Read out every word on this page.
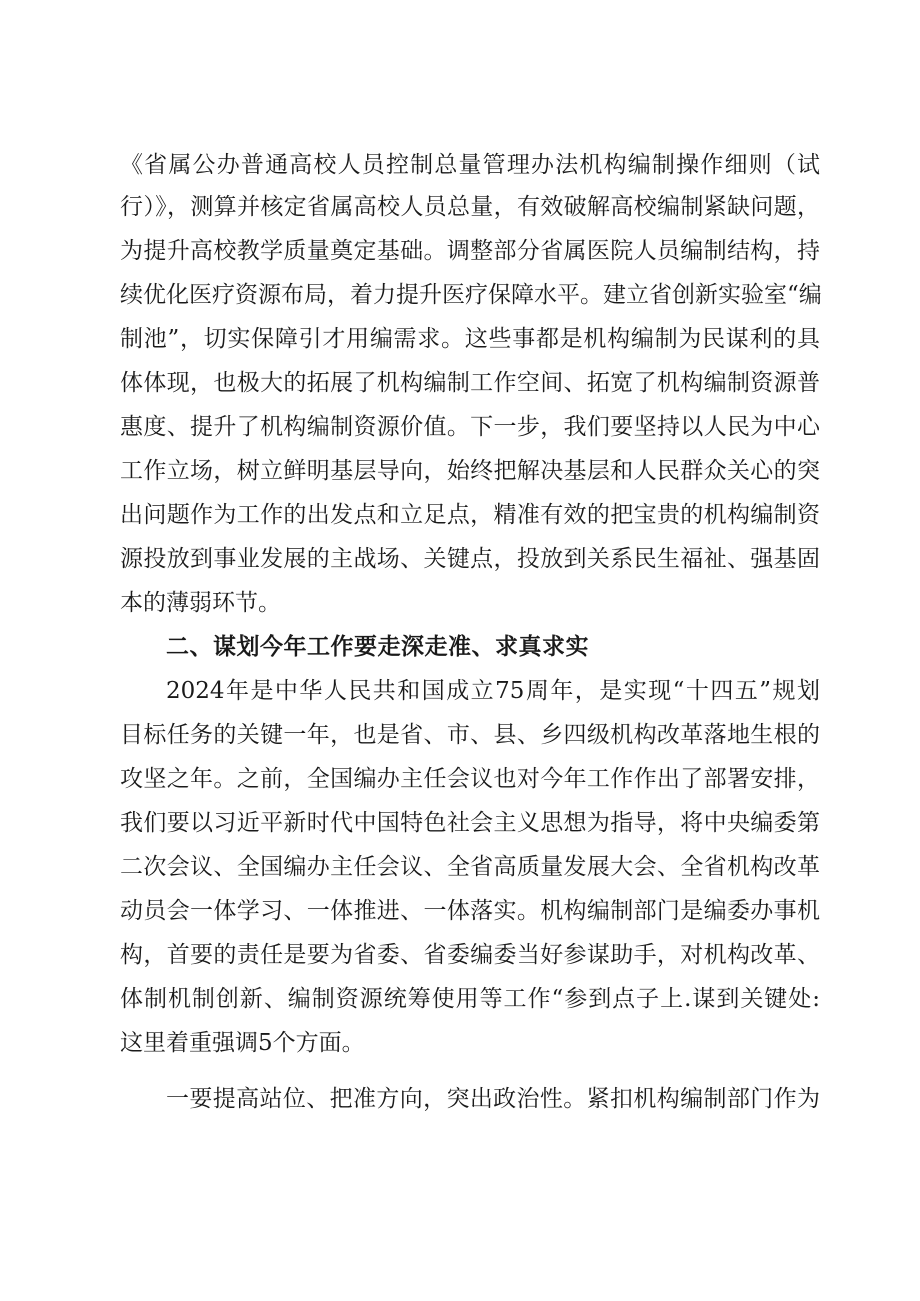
《省属公办普通高校人员控制总量管理办法机构编制操作细则（试
行）》，测算并核定省属高校人员总量，有效破解高校编制紧缺问题，
为提升高校教学质量奠定基础。调整部分省属医院人员编制结构，持
续优化医疗资源布局，着力提升医疗保障水平。建立省创新实验室“编
制池”，切实保障引才用编需求。这些事都是机构编制为民谋利的具
体体现，也极大的拓展了机构编制工作空间、拓宽了机构编制资源普
惠度、提升了机构编制资源价值。下一步，我们要坚持以人民为中心
工作立场，树立鲜明基层导向，始终把解决基层和人民群众关心的突
出问题作为工作的出发点和立足点，精准有效的把宝贵的机构编制资
源投放到事业发展的主战场、关键点，投放到关系民生福祉、强基固
本的薄弱环节。
二、谋划今年工作要走深走准、求真求实
2024年是中华人民共和国成立75周年，是实现“十四五”规划
目标任务的关键一年，也是省、市、县、乡四级机构改革落地生根的
攻坚之年。之前，全国编办主任会议也对今年工作作出了部署安排，
我们要以习近平新时代中国特色社会主义思想为指导，将中央编委第
二次会议、全国编办主任会议、全省高质量发展大会、全省机构改革
动员会一体学习、一体推进、一体落实。机构编制部门是编委办事机
构，首要的责任是要为省委、省委编委当好参谋助手，对机构改革、
体制机制创新、编制资源统筹使用等工作“参到点子上.谋到关键处:
这里着重强调5个方面。
一要提高站位、把准方向，突出政治性。紧扣机构编制部门作为
